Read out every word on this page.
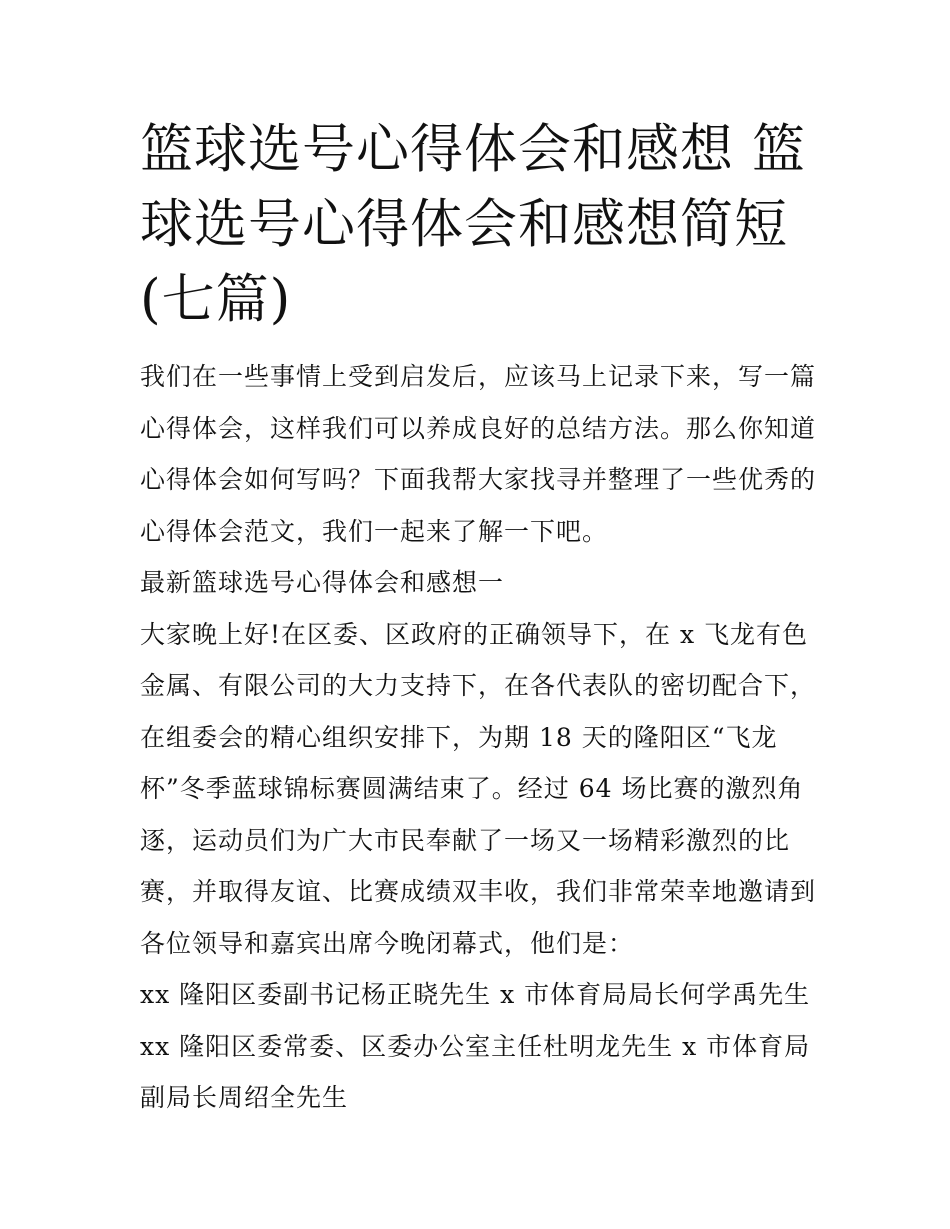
篮球选号心得体会和感想 篮球选号心得体会和感想简短(七篇)

我们在一些事情上受到启发后，应该马上记录下来，写一篇心得体会，这样我们可以养成良好的总结方法。那么你知道心得体会如何写吗？下面我帮大家找寻并整理了一些优秀的心得体会范文，我们一起来了解一下吧。

最新篮球选号心得体会和感想一

大家晚上好!在区委、区政府的正确领导下，在 x 飞龙有色金属、有限公司的大力支持下，在各代表队的密切配合下，在组委会的精心组织安排下，为期 18 天的隆阳区“飞龙杯”冬季蓝球锦标赛圆满结束了。经过 64 场比赛的激烈角逐，运动员们为广大市民奉献了一场又一场精彩激烈的比赛，并取得友谊、比赛成绩双丰收，我们非常荣幸地邀请到各位领导和嘉宾出席今晚闭幕式，他们是：

xx 隆阳区委副书记杨正晓先生 x 市体育局局长何学禹先生 xx 隆阳区委常委、区委办公室主任杜明龙先生 x 市体育局副局长周绍全先生
